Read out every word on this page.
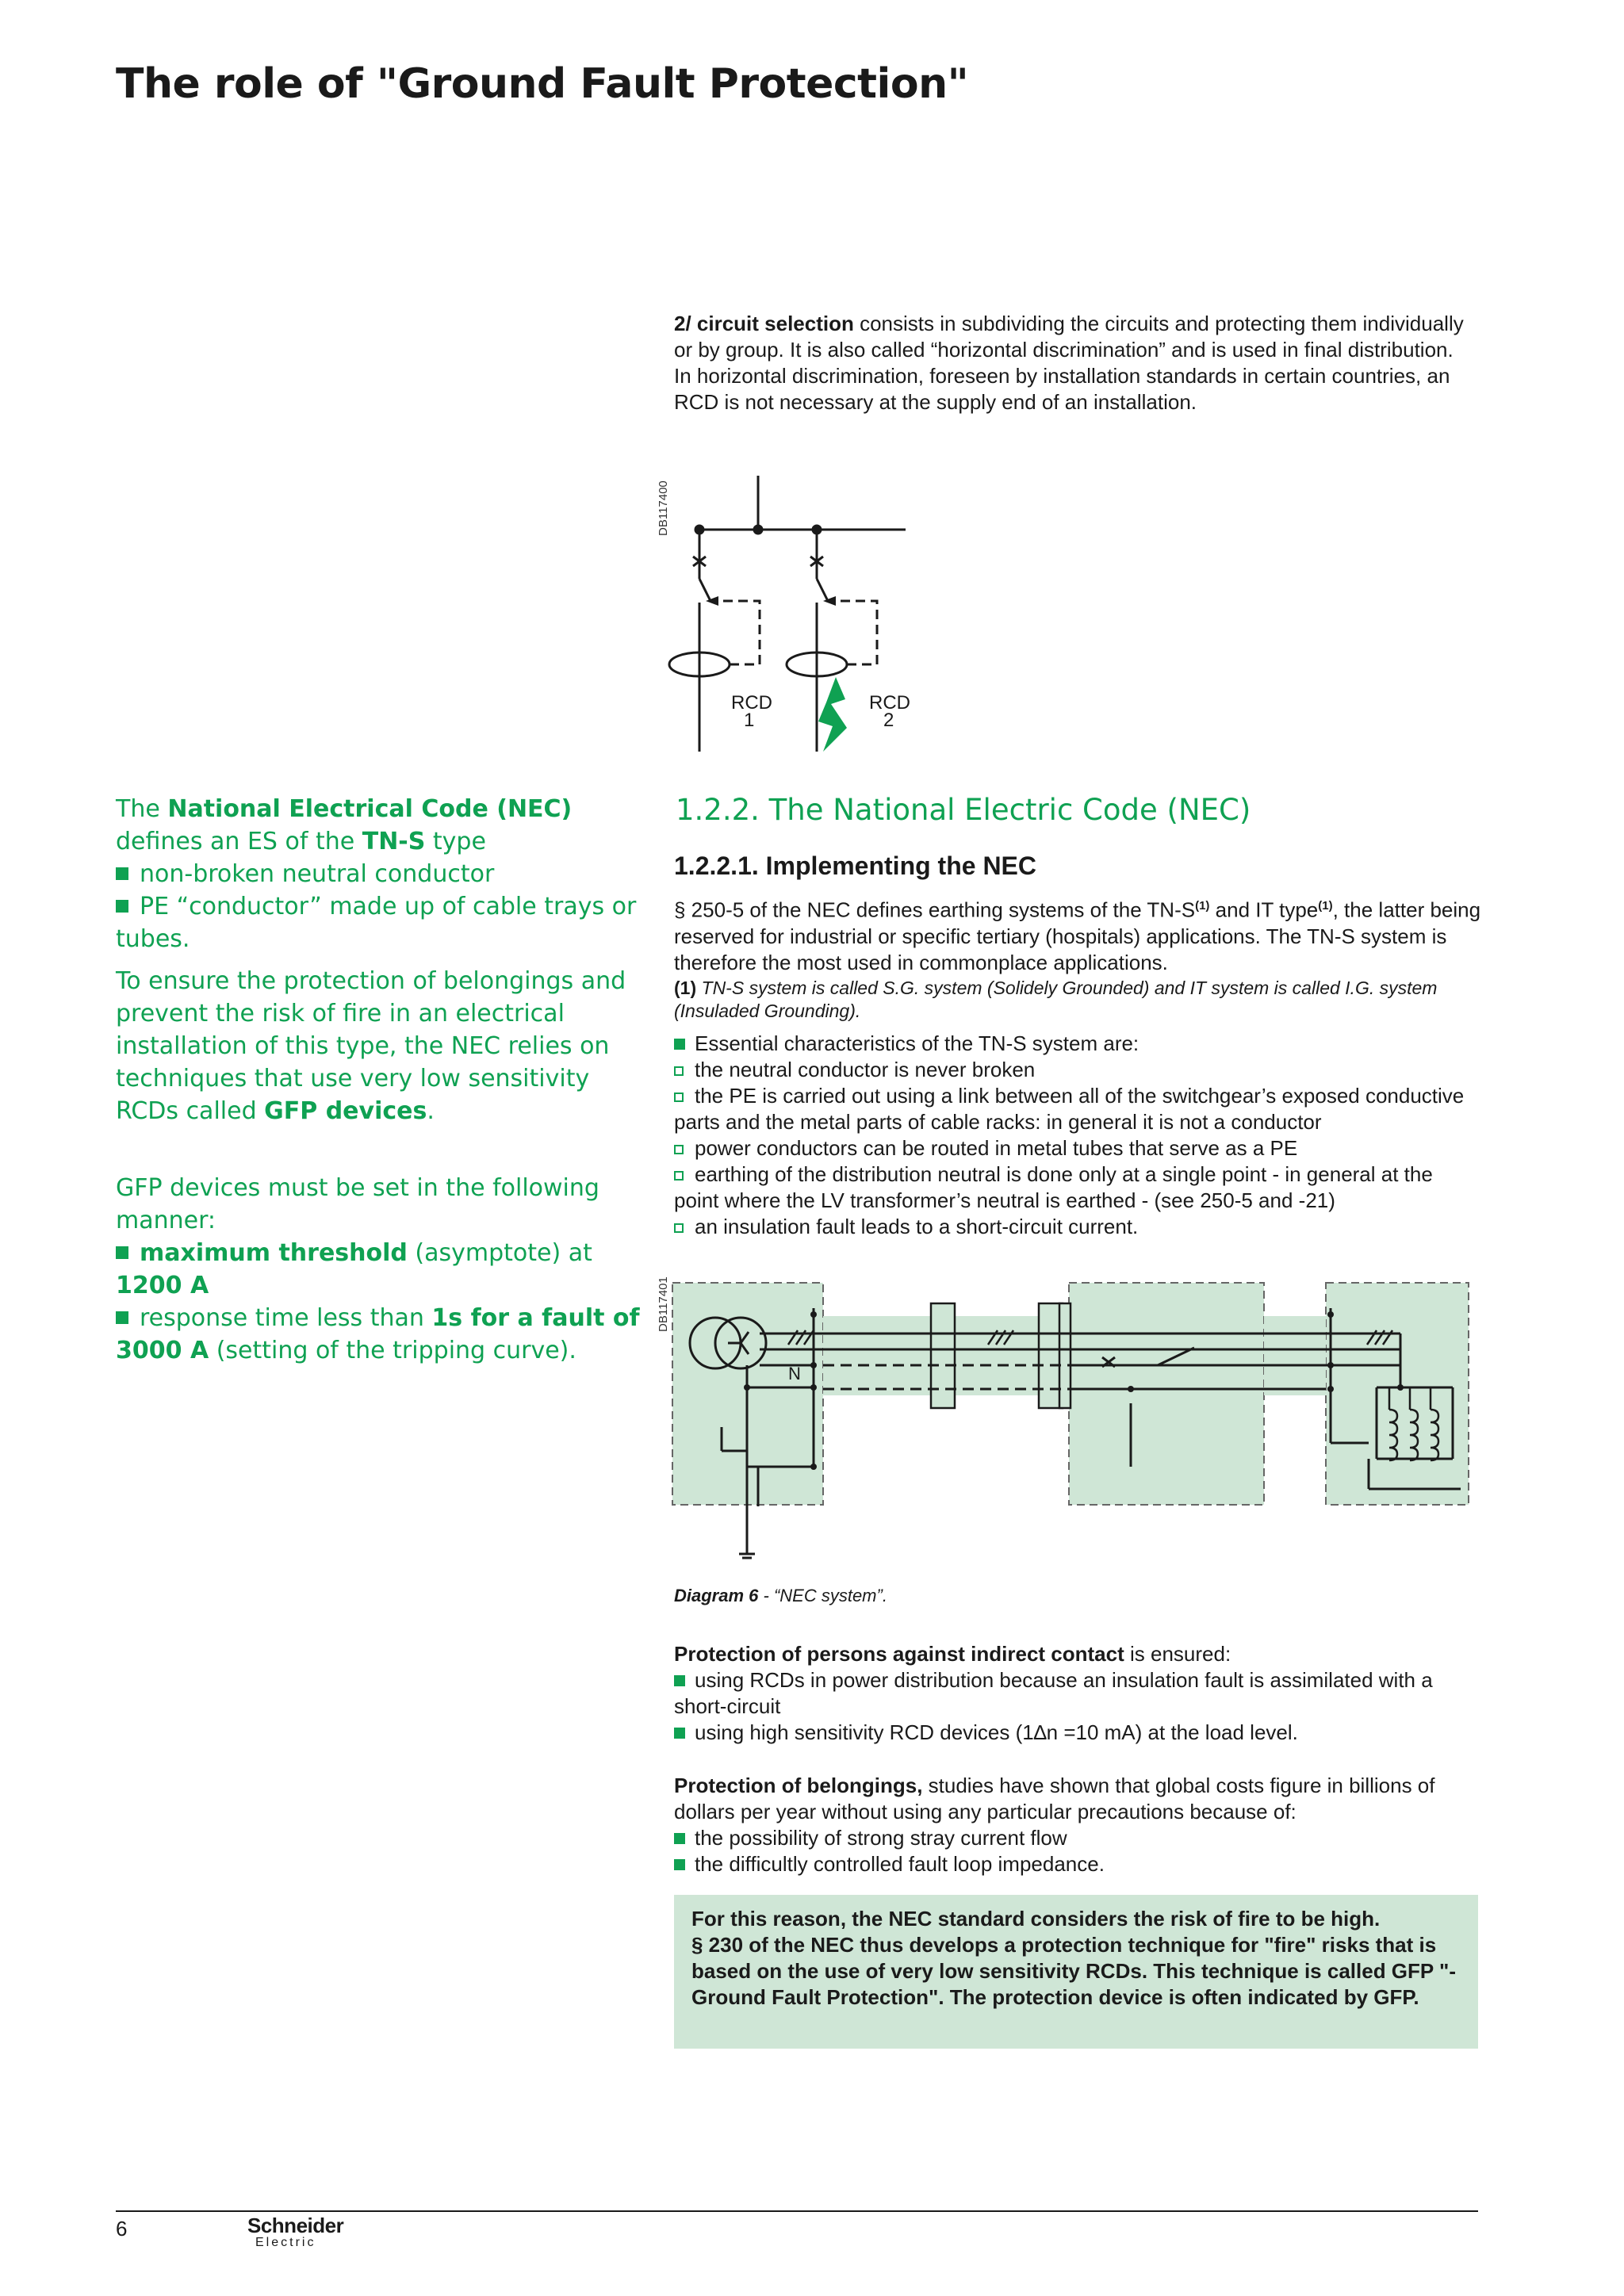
The role of "Ground Fault Protection"

2/ circuit selection consists in subdividing the circuits and protecting them individually or by group. It is also called “horizontal discrimination” and is used in final distribution.

In horizontal discrimination, foreseen by installation standards in certain countries, an RCD is not necessary at the supply end of an installation.

DB117400
RCD
1
RCD
2

The National Electrical Code (NEC) defines an ES of the TN-S type

non-broken neutral conductor

PE “conductor” made up of cable trays or tubes.

To ensure the protection of belongings and prevent the risk of fire in an electrical installation of this type, the NEC relies on techniques that use very low sensitivity RCDs called GFP devices.

GFP devices must be set in the following manner:

maximum threshold (asymptote) at 1200 A

response time less than 1s for a fault of 3000 A (setting of the tripping curve).

1.2.2. The National Electric Code (NEC)
1.2.2.1. Implementing the NEC

§ 250-5 of the NEC defines earthing systems of the $TN-S^{(1)}$ and IT type$^{(1)}$, the latter being reserved for industrial or specific tertiary (hospitals) applications. The TN-S system is therefore the most used in commonplace applications.

(1) TN-S system is called S.G. system (Solidely Grounded) and IT system is called I.G. system (Insuladed Grounding).

Essential characteristics of the TN-S system are:

the neutral conductor is never broken

the PE is carried out using a link between all of the switchgear’s exposed conductive parts and the metal parts of cable racks: in general it is not a conductor

power conductors can be routed in metal tubes that serve as a PE

earthing of the distribution neutral is done only at a single point - in general at the point where the LV transformer’s neutral is earthed - (see 250-5 and -21)

an insulation fault leads to a short-circuit current.

DB117401
N
Diagram 6 - “NEC system”.

Protection of persons against indirect contact is ensured:

using RCDs in power distribution because an insulation fault is assimilated with a short-circuit

using high sensitivity RCD devices (1∆n =10 mA) at the load level.

Protection of belongings, studies have shown that global costs figure in billions of dollars per year without using any particular precautions because of:

the possibility of strong stray current flow

the difficultly controlled fault loop impedance.

For this reason, the NEC standard considers the risk of fire to be high.

§ 230 of the NEC thus develops a protection technique for "fire" risks that is based on the use of very low sensitivity RCDs. This technique is called GFP "- Ground Fault Protection". The protection device is often indicated by GFP.

6	Schneider
Electric
